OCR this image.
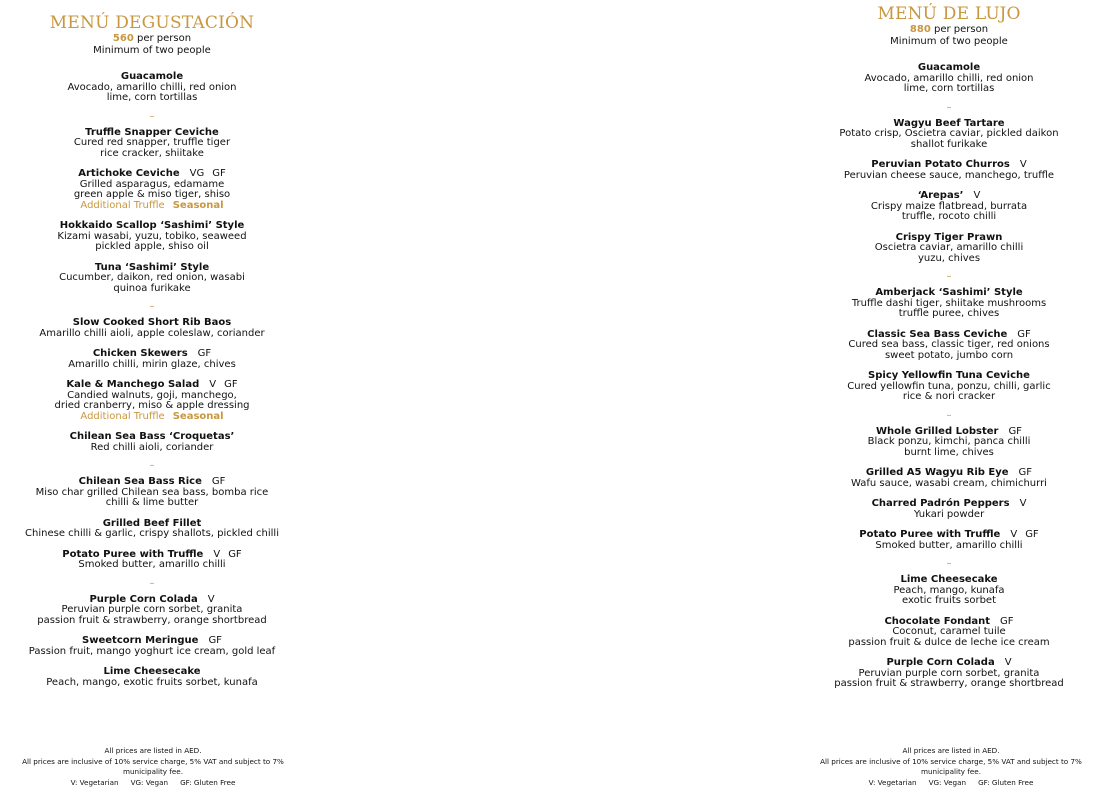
MENÚ DEGUSTACIÓN
560 per person
Minimum of two people
Guacamole
Avocado, amarillo chilli, red onion
lime, corn tortillas
–
Truffle Snapper Ceviche
Cured red snapper, truffle tiger
rice cracker, shiitake
Artichoke Ceviche VG GF
Grilled asparagus, edamame
green apple & miso tiger, shiso
Additional Truffle Seasonal
Hokkaido Scallop ‘Sashimi’ Style
Kizami wasabi, yuzu, tobiko, seaweed
pickled apple, shiso oil
Tuna ‘Sashimi’ Style
Cucumber, daikon, red onion, wasabi
quinoa furikake
–
Slow Cooked Short Rib Baos
Amarillo chilli aioli, apple coleslaw, coriander
Chicken Skewers GF
Amarillo chilli, mirin glaze, chives
Kale & Manchego Salad V GF
Candied walnuts, goji, manchego,
dried cranberry, miso & apple dressing
Additional Truffle Seasonal
Chilean Sea Bass ‘Croquetas’
Red chilli aioli, coriander
–
Chilean Sea Bass Rice GF
Miso char grilled Chilean sea bass, bomba rice
chilli & lime butter
Grilled Beef Fillet
Chinese chilli & garlic, crispy shallots, pickled chilli
Potato Puree with Truffle V GF
Smoked butter, amarillo chilli
–
Purple Corn Colada V
Peruvian purple corn sorbet, granita
passion fruit & strawberry, orange shortbread
Sweetcorn Meringue GF
Passion fruit, mango yoghurt ice cream, gold leaf
Lime Cheesecake
Peach, mango, exotic fruits sorbet, kunafa
MENÚ DE LUJO
880 per person
Minimum of two people
Guacamole
Avocado, amarillo chilli, red onion
lime, corn tortillas
–
Wagyu Beef Tartare
Potato crisp, Oscietra caviar, pickled daikon
shallot furikake
Peruvian Potato Churros V
Peruvian cheese sauce, manchego, truffle
‘Arepas’ V
Crispy maize flatbread, burrata
truffle, rocoto chilli
Crispy Tiger Prawn
Oscietra caviar, amarillo chilli
yuzu, chives
–
Amberjack ‘Sashimi’ Style
Truffle dashi tiger, shiitake mushrooms
truffle puree, chives
Classic Sea Bass Ceviche GF
Cured sea bass, classic tiger, red onions
sweet potato, jumbo corn
Spicy Yellowfin Tuna Ceviche
Cured yellowfin tuna, ponzu, chilli, garlic
rice & nori cracker
–
Whole Grilled Lobster GF
Black ponzu, kimchi, panca chilli
burnt lime, chives
Grilled A5 Wagyu Rib Eye GF
Wafu sauce, wasabi cream, chimichurri
Charred Padrón Peppers V
Yukari powder
Potato Puree with Truffle V GF
Smoked butter, amarillo chilli
–
Lime Cheesecake
Peach, mango, kunafa
exotic fruits sorbet
Chocolate Fondant GF
Coconut, caramel tuile
passion fruit & dulce de leche ice cream
Purple Corn Colada V
Peruvian purple corn sorbet, granita
passion fruit & strawberry, orange shortbread
All prices are listed in AED.
All prices are inclusive of 10% service charge, 5% VAT and subject to 7% municipality fee.
V: Vegetarian VG: Vegan GF: Gluten Free
All prices are listed in AED.
All prices are inclusive of 10% service charge, 5% VAT and subject to 7% municipality fee.
V: Vegetarian VG: Vegan GF: Gluten Free
